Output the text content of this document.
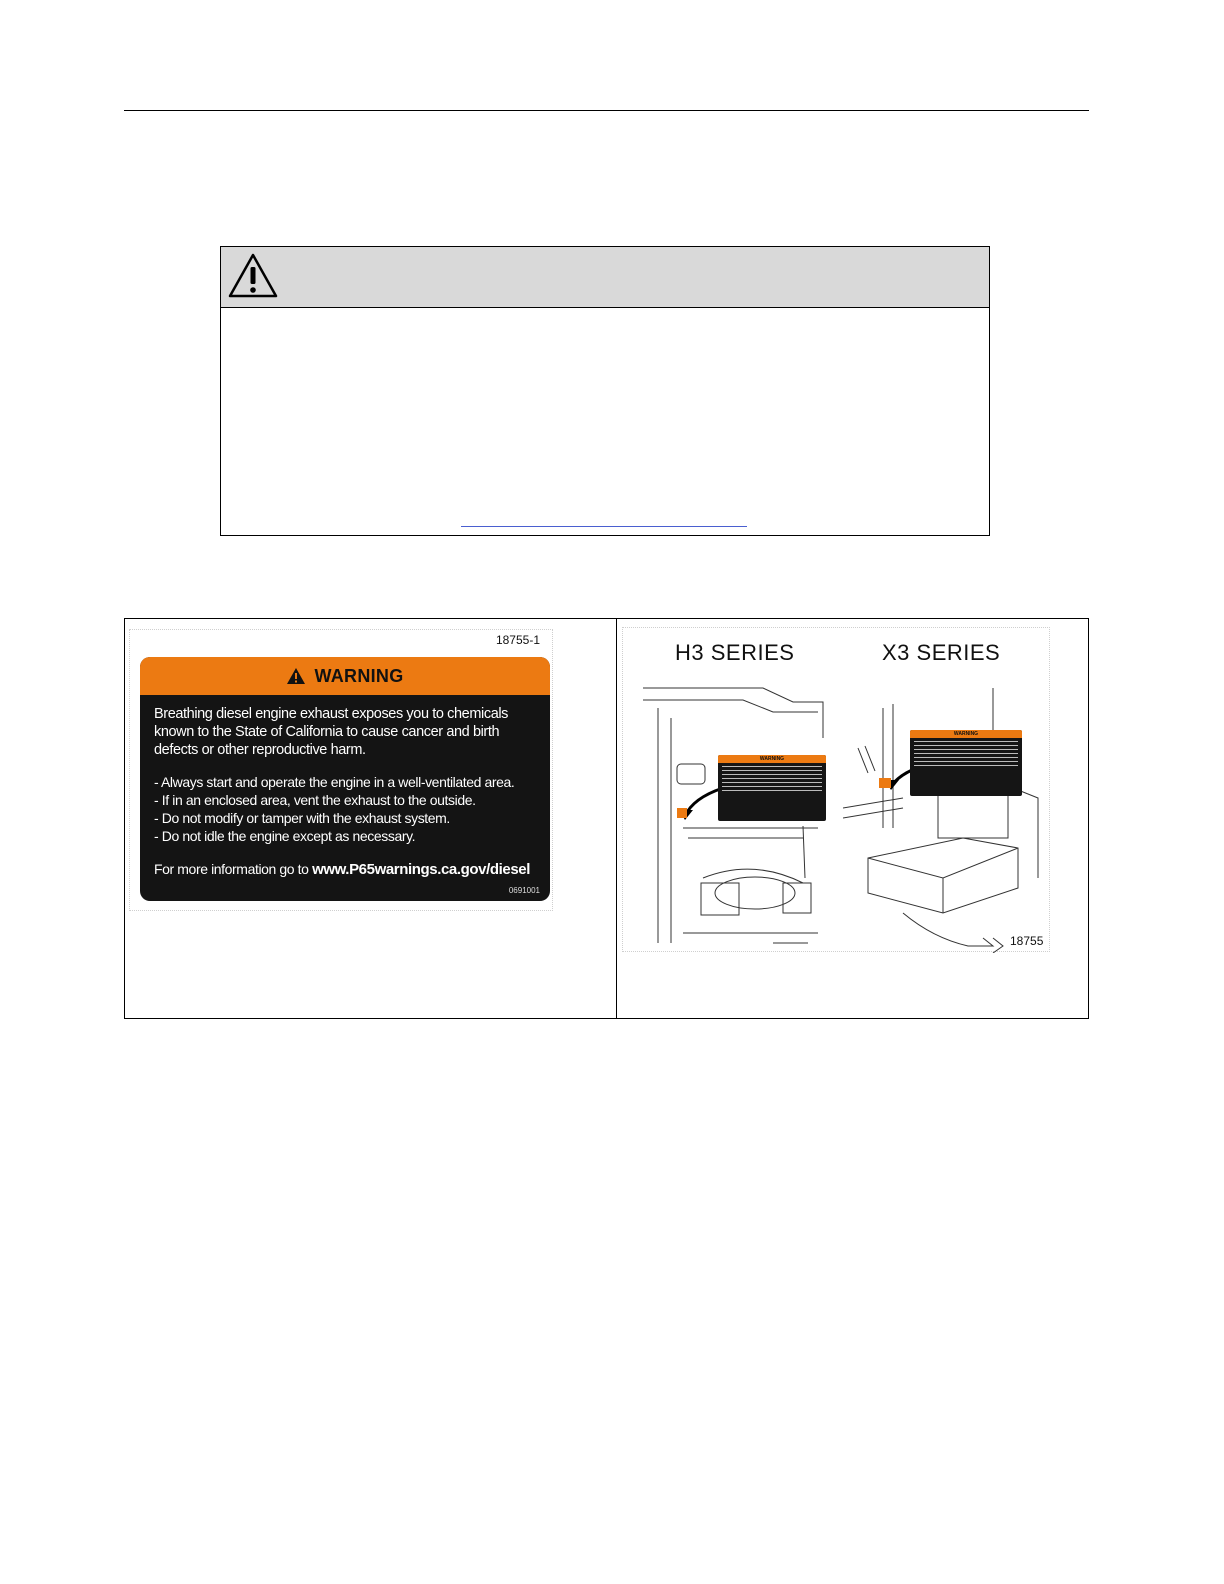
18755-1
WARNING

Breathing diesel engine exhaust exposes you to chemicals known to the State of California to cause cancer and birth defects or other reproductive harm.

- Always start and operate the engine in a well-ventilated area.
- If in an enclosed area, vent the exhaust to the outside.
- Do not modify or tamper with the exhaust system.
- Do not idle the engine except as necessary.
For more information go to www.P65warnings.ca.gov/diesel
0691001
H3 SERIES	X3 SERIES
WARNING
WARNING
18755
